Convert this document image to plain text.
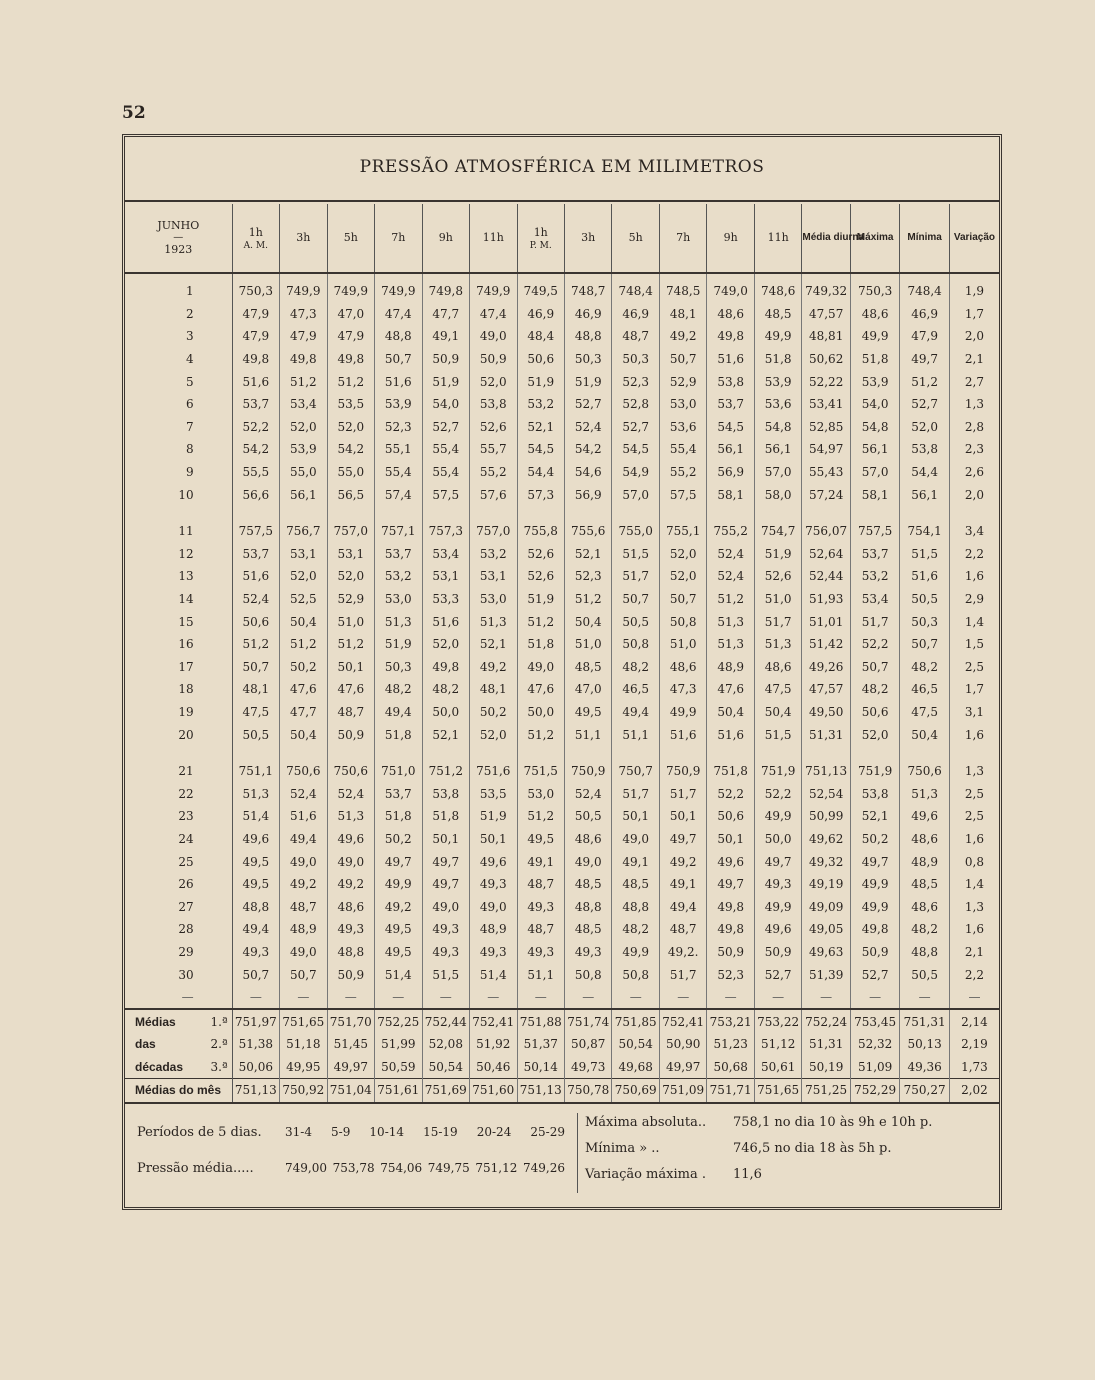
52
PRESSÃO ATMOSFÉRICA EM MILIMETROS
JUNHO
—
1923	1h
A. M.	3h	5h	7h	9h	11h	1h
P. M.	3h	5h	7h	9h	11h	Média diurna	Máxima	Mínima	Variação
1	750,3	749,9	749,9	749,9	749,8	749,9	749,5	748,7	748,4	748,5	749,0	748,6	749,32	750,3	748,4	1,9
2	47,9	47,3	47,0	47,4	47,7	47,4	46,9	46,9	46,9	48,1	48,6	48,5	47,57	48,6	46,9	1,7
3	47,9	47,9	47,9	48,8	49,1	49,0	48,4	48,8	48,7	49,2	49,8	49,9	48,81	49,9	47,9	2,0
4	49,8	49,8	49,8	50,7	50,9	50,9	50,6	50,3	50,3	50,7	51,6	51,8	50,62	51,8	49,7	2,1
5	51,6	51,2	51,2	51,6	51,9	52,0	51,9	51,9	52,3	52,9	53,8	53,9	52,22	53,9	51,2	2,7
6	53,7	53,4	53,5	53,9	54,0	53,8	53,2	52,7	52,8	53,0	53,7	53,6	53,41	54,0	52,7	1,3
7	52,2	52,0	52,0	52,3	52,7	52,6	52,1	52,4	52,7	53,6	54,5	54,8	52,85	54,8	52,0	2,8
8	54,2	53,9	54,2	55,1	55,4	55,7	54,5	54,2	54,5	55,4	56,1	56,1	54,97	56,1	53,8	2,3
9	55,5	55,0	55,0	55,4	55,4	55,2	54,4	54,6	54,9	55,2	56,9	57,0	55,43	57,0	54,4	2,6
10	56,6	56,1	56,5	57,4	57,5	57,6	57,3	56,9	57,0	57,5	58,1	58,0	57,24	58,1	56,1	2,0

11	757,5	756,7	757,0	757,1	757,3	757,0	755,8	755,6	755,0	755,1	755,2	754,7	756,07	757,5	754,1	3,4
12	53,7	53,1	53,1	53,7	53,4	53,2	52,6	52,1	51,5	52,0	52,4	51,9	52,64	53,7	51,5	2,2
13	51,6	52,0	52,0	53,2	53,1	53,1	52,6	52,3	51,7	52,0	52,4	52,6	52,44	53,2	51,6	1,6
14	52,4	52,5	52,9	53,0	53,3	53,0	51,9	51,2	50,7	50,7	51,2	51,0	51,93	53,4	50,5	2,9
15	50,6	50,4	51,0	51,3	51,6	51,3	51,2	50,4	50,5	50,8	51,3	51,7	51,01	51,7	50,3	1,4
16	51,2	51,2	51,2	51,9	52,0	52,1	51,8	51,0	50,8	51,0	51,3	51,3	51,42	52,2	50,7	1,5
17	50,7	50,2	50,1	50,3	49,8	49,2	49,0	48,5	48,2	48,6	48,9	48,6	49,26	50,7	48,2	2,5
18	48,1	47,6	47,6	48,2	48,2	48,1	47,6	47,0	46,5	47,3	47,6	47,5	47,57	48,2	46,5	1,7
19	47,5	47,7	48,7	49,4	50,0	50,2	50,0	49,5	49,4	49,9	50,4	50,4	49,50	50,6	47,5	3,1
20	50,5	50,4	50,9	51,8	52,1	52,0	51,2	51,1	51,1	51,6	51,6	51,5	51,31	52,0	50,4	1,6

21	751,1	750,6	750,6	751,0	751,2	751,6	751,5	750,9	750,7	750,9	751,8	751,9	751,13	751,9	750,6	1,3
22	51,3	52,4	52,4	53,7	53,8	53,5	53,0	52,4	51,7	51,7	52,2	52,2	52,54	53,8	51,3	2,5
23	51,4	51,6	51,3	51,8	51,8	51,9	51,2	50,5	50,1	50,1	50,6	49,9	50,99	52,1	49,6	2,5
24	49,6	49,4	49,6	50,2	50,1	50,1	49,5	48,6	49,0	49,7	50,1	50,0	49,62	50,2	48,6	1,6
25	49,5	49,0	49,0	49,7	49,7	49,6	49,1	49,0	49,1	49,2	49,6	49,7	49,32	49,7	48,9	0,8
26	49,5	49,2	49,2	49,9	49,7	49,3	48,7	48,5	48,5	49,1	49,7	49,3	49,19	49,9	48,5	1,4
27	48,8	48,7	48,6	49,2	49,0	49,0	49,3	48,8	48,8	49,4	49,8	49,9	49,09	49,9	48,6	1,3
28	49,4	48,9	49,3	49,5	49,3	48,9	48,7	48,5	48,2	48,7	49,8	49,6	49,05	49,8	48,2	1,6
29	49,3	49,0	48,8	49,5	49,3	49,3	49,3	49,3	49,9	49,2.	50,9	50,9	49,63	50,9	48,8	2,1
30	50,7	50,7	50,9	51,4	51,5	51,4	51,1	50,8	50,8	51,7	52,3	52,7	51,39	52,7	50,5	2,2
—	—	—	—	—	—	—	—	—	—	—	—	—	—	—	—	—
Médias 1.ª	751,97	751,65	751,70	752,25	752,44	752,41	751,88	751,74	751,85	752,41	753,21	753,22	752,24	753,45	751,31	2,14
das 2.ª	51,38	51,18	51,45	51,99	52,08	51,92	51,37	50,87	50,54	50,90	51,23	51,12	51,31	52,32	50,13	2,19
décadas 3.ª	50,06	49,95	49,97	50,59	50,54	50,46	50,14	49,73	49,68	49,97	50,68	50,61	50,19	51,09	49,36	1,73
Médias do mês	751,13	750,92	751,04	751,61	751,69	751,60	751,13	750,78	750,69	751,09	751,71	751,65	751,25	752,29	750,27	2,02
Períodos de 5 dias. 31-4 5-9 10-14 15-19 20-24 25-29
Pressão média.....	749,00 753,78 754,06 749,75 751,12 749,26
Máxima absoluta.. 758,1 no dia 10 às 9h e 10h p.
Mínima » ..	746,5 no dia 18 às 5h p.
Variação máxima . 11,6
